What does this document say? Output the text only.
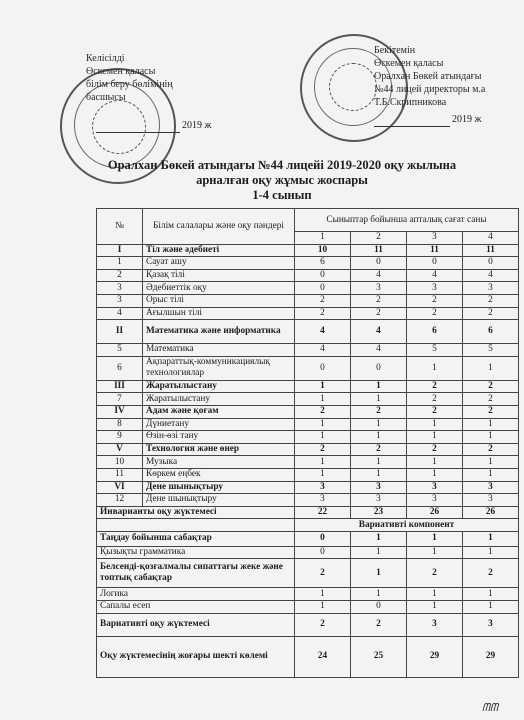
Келісілді
Өскемен қаласы
білім беру бөлімінің
басшысы
2019 ж
Бекітемін
Өскемен қаласы
Оралхан Бөкей атындағы
№44 лицей директоры м.а
Т.Б.Скрипникова
2019 ж
Оралхан Бөкей атындағы №44 лицейі 2019-2020 оқу жылына
арналған оқу жұмыс жоспары
1-4 сынып
№	Білім салалары және оқу пәндері	Сыныптар бойынша апталық сағат саны			
		1	2	3	4
I	Тіл және әдебиеті	10	11	11	11
1	Сауат ашу	6	0	0	0
2	Қазақ тілі	0	4	4	4
3	Әдебиеттік оқу	0	3	3	3
3	Орыс тілі	2	2	2	2
4	Ағылшын тілі	2	2	2	2
II	Математика және информатика	4	4	6	6
5	Математика	4	4	5	5
6	Ақпараттық-коммуникациялық технологиялар	0	0	1	1
III	Жаратылыстану	1	1	2	2
7	Жаратылыстану	1	1	2	2
IV	Адам және қоғам	2	2	2	2
8	Дүниетану	1	1	1	1
9	Өзін-өзі тану	1	1	1	1
V	Технология және өнер	2	2	2	2
10	Музыка	1	1	1	1
11	Көркем еңбек	1	1	1	1
VI	Дене шынықтыру	3	3	3	3
12	Дене шынықтыру	3	3	3	3
Инварианты оқу жүктемесі		22	23	26	26
		Вариативті компонент			
Таңдау бойынша сабақтар		0	1	1	1
Қызықты грамматика		0	1	1	1
Белсенді-қозғалмалы сипаттағы жеке және топтық сабақтар		2	1	2	2
Логика		1	1	1	1
Сапалы есеп		1	0	1	1
Вариативті оқу жүктемесі		2	2	3	3
Оқу жүктемесінің жоғары шекті көлемі		24	25	29	29
ᗰᗰ
